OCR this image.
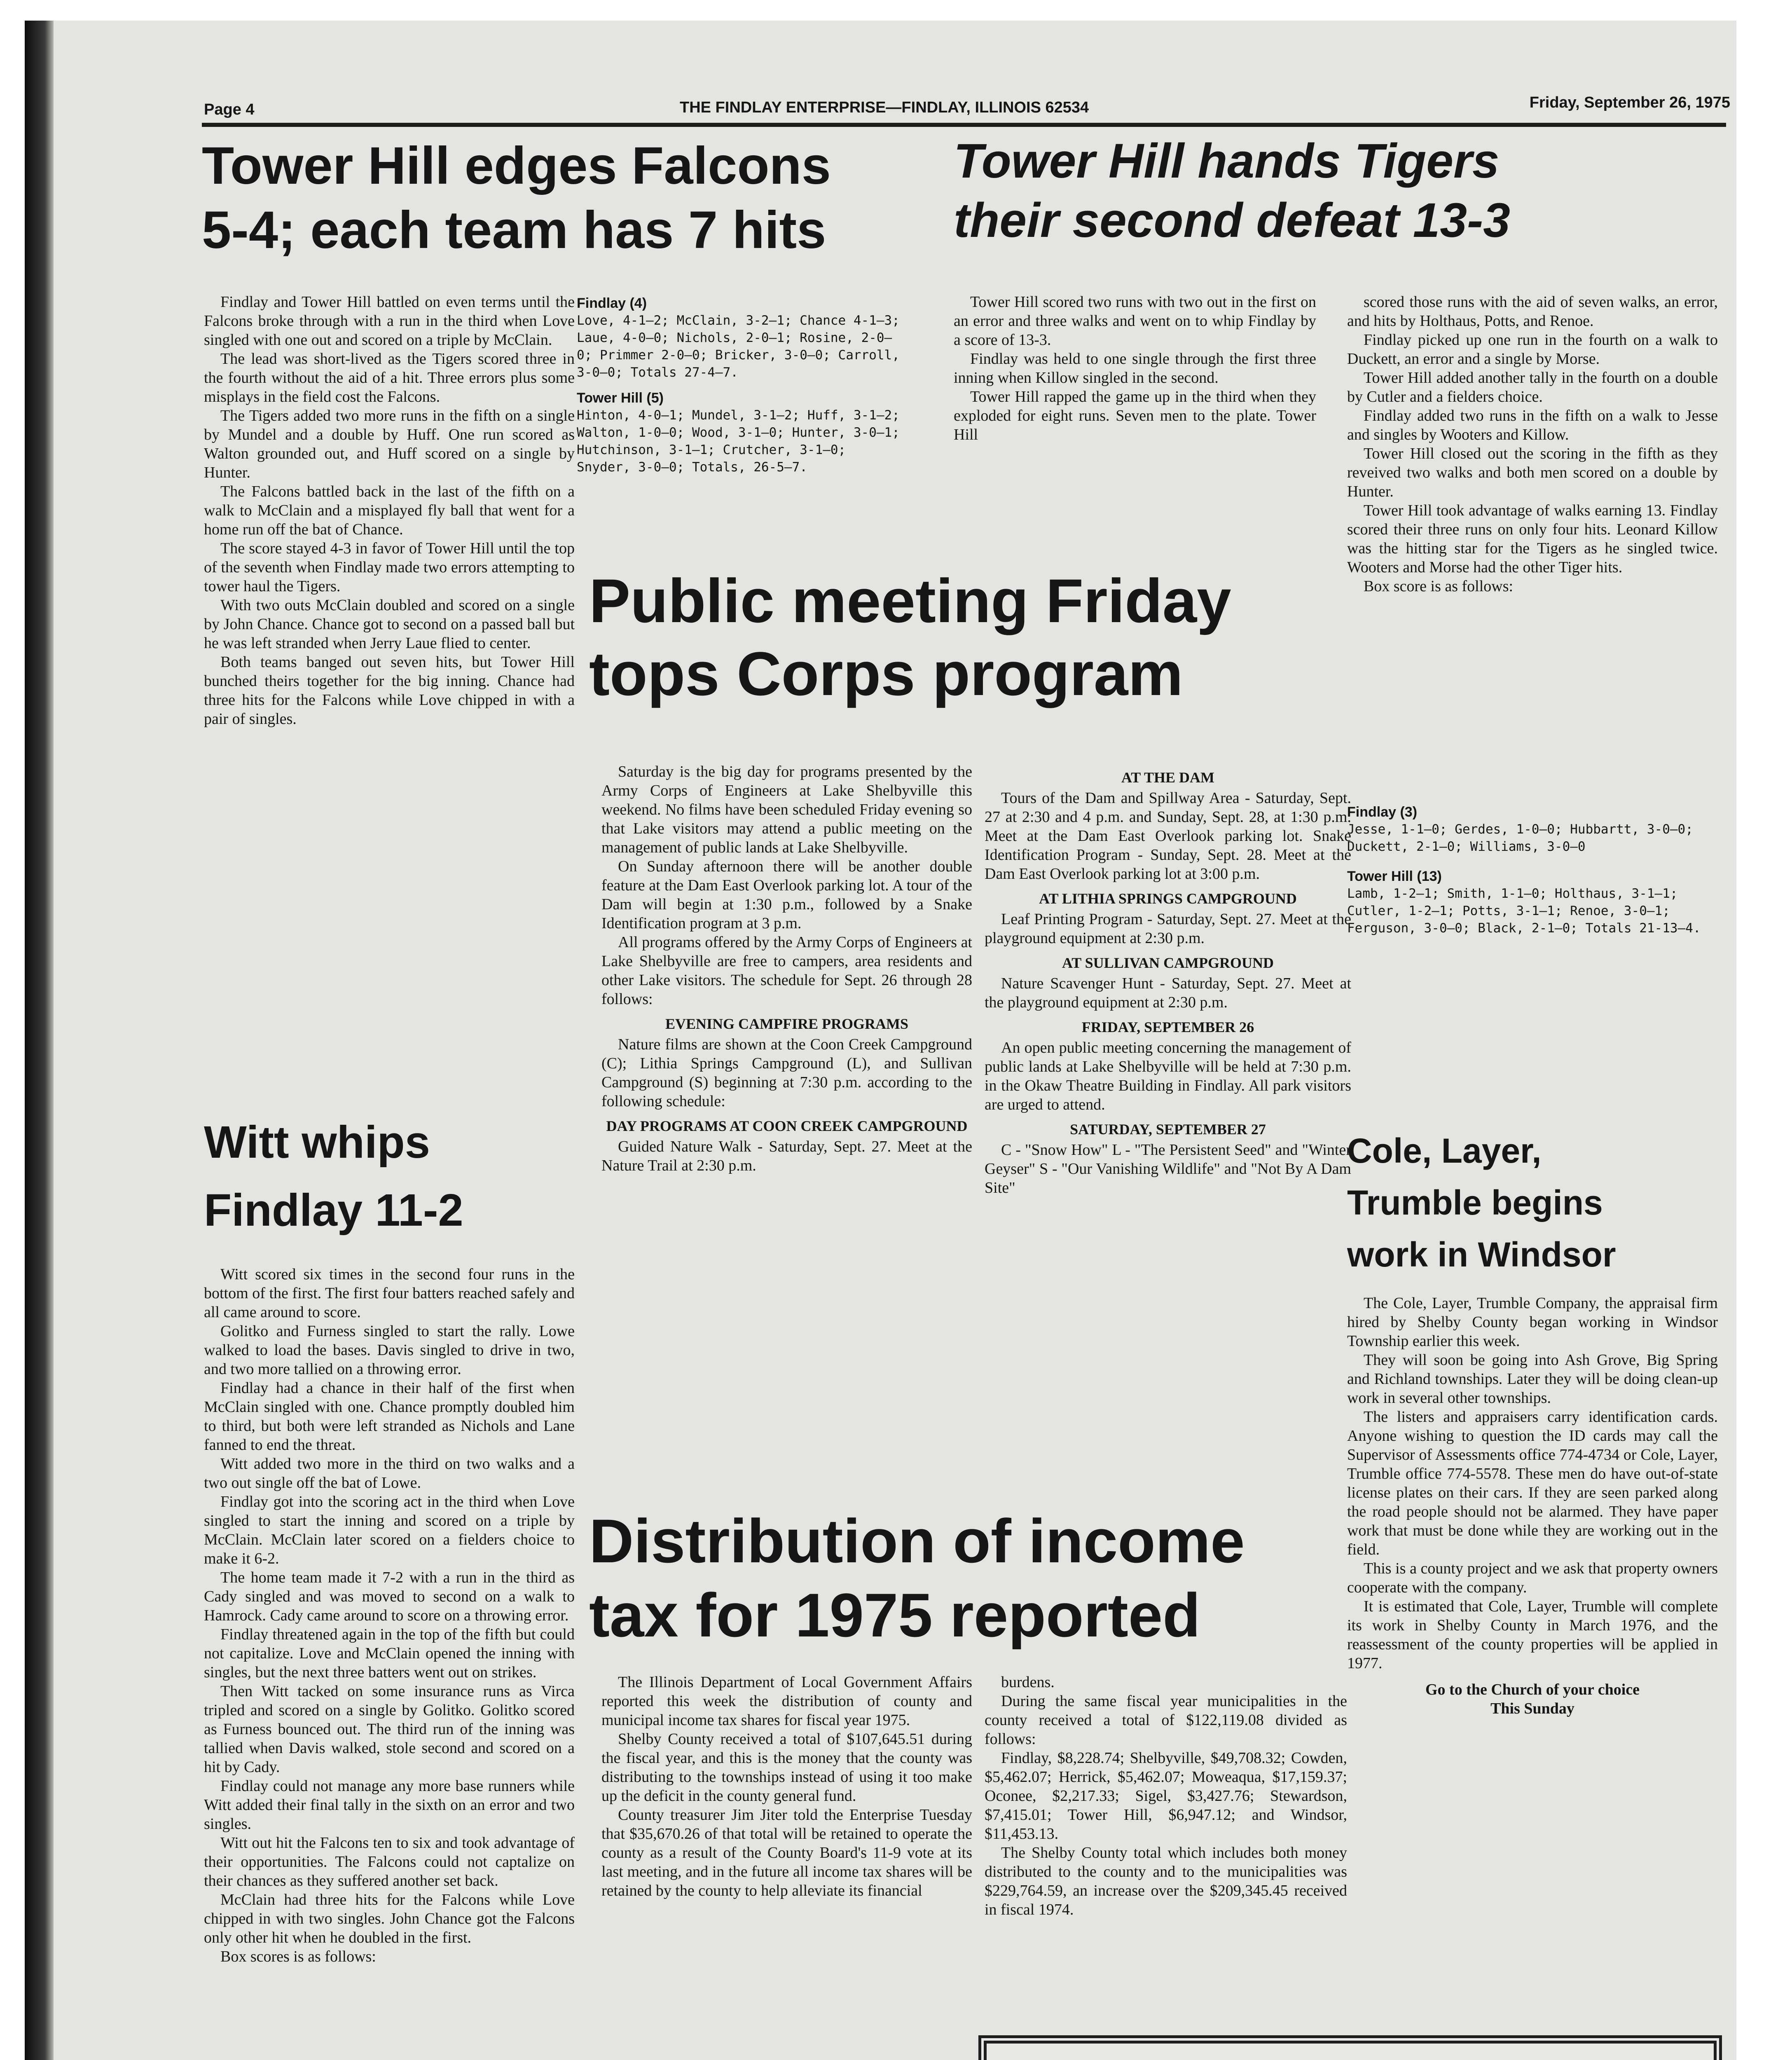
Page 4	THE FINDLAY ENTERPRISE—FINDLAY, ILLINOIS 62534	Friday, September 26, 1975
Tower Hill edges Falcons
5-4; each team has 7 hits

Findlay and Tower Hill battled on even terms until the Falcons broke through with a run in the third when Love singled with one out and scored on a triple by McClain.

The lead was short-lived as the Tigers scored three in the fourth without the aid of a hit. Three errors plus some misplays in the field cost the Falcons.

The Tigers added two more runs in the fifth on a single by Mundel and a double by Huff. One run scored as Walton grounded out, and Huff scored on a single by Hunter.

The Falcons battled back in the last of the fifth on a walk to McClain and a misplayed fly ball that went for a home run off the bat of Chance.

The score stayed 4-3 in favor of Tower Hill until the top of the seventh when Findlay made two errors attempting to tower haul the Tigers.

With two outs McClain doubled and scored on a single by John Chance. Chance got to second on a passed ball but he was left stranded when Jerry Laue flied to center.

Both teams banged out seven hits, but Tower Hill bunched theirs together for the big inning. Chance had three hits for the Falcons while Love chipped in with a pair of singles.

Findlay (4)
Love, 4-1—2; McClain, 3-2—1; Chance 4-1—3; Laue, 4-0—0; Nichols, 2-0—1; Rosine, 2-0—0; Primmer 2-0—0; Bricker, 3-0—0; Carroll, 3-0—0; Totals 27-4—7.
Tower Hill (5)
Hinton, 4-0—1; Mundel, 3-1—2; Huff, 3-1—2; Walton, 1-0—0; Wood, 3-1—0; Hunter, 3-0—1; Hutchinson, 3-1—1; Crutcher, 3-1—0; Snyder, 3-0—0; Totals, 26-5—7.
Tower Hill hands Tigers
their second defeat 13-3

Tower Hill scored two runs with two out in the first on an error and three walks and went on to whip Findlay by a score of 13-3.

Findlay was held to one single through the first three inning when Killow singled in the second.

Tower Hill rapped the game up in the third when they exploded for eight runs. Seven men to the plate. Tower Hill

scored those runs with the aid of seven walks, an error, and hits by Holthaus, Potts, and Renoe.

Findlay picked up one run in the fourth on a walk to Duckett, an error and a single by Morse.

Tower Hill added another tally in the fourth on a double by Cutler and a fielders choice.

Findlay added two runs in the fifth on a walk to Jesse and singles by Wooters and Killow.

Tower Hill closed out the scoring in the fifth as they reveived two walks and both men scored on a double by Hunter.

Tower Hill took advantage of walks earning 13. Findlay scored their three runs on only four hits. Leonard Killow was the hitting star for the Tigers as he singled twice. Wooters and Morse had the other Tiger hits.

Box score is as follows:

Findlay (3)
Jesse, 1-1—0; Gerdes, 1-0—0; Hubbartt, 3-0—0; Duckett, 2-1—0; Williams, 3-0—0
Tower Hill (13)
Lamb, 1-2—1; Smith, 1-1—0; Holthaus, 3-1—1; Cutler, 1-2—1; Potts, 3-1—1; Renoe, 3-0—1; Ferguson, 3-0—0; Black, 2-1—0; Totals 21-13—4.
Public meeting Friday
tops Corps program

Saturday is the big day for programs presented by the Army Corps of Engineers at Lake Shelbyville this weekend. No films have been scheduled Friday evening so that Lake visitors may attend a public meeting on the management of public lands at Lake Shelbyville.

On Sunday afternoon there will be another double feature at the Dam East Overlook parking lot. A tour of the Dam will begin at 1:30 p.m., followed by a Snake Identification program at 3 p.m.

All programs offered by the Army Corps of Engineers at Lake Shelbyville are free to campers, area residents and other Lake visitors. The schedule for Sept. 26 through 28 follows:

EVENING CAMPFIRE PROGRAMS

Nature films are shown at the Coon Creek Campground (C); Lithia Springs Campground (L), and Sullivan Campground (S) beginning at 7:30 p.m. according to the following schedule:

DAY PROGRAMS AT COON CREEK CAMPGROUND

Guided Nature Walk - Saturday, Sept. 27. Meet at the Nature Trail at 2:30 p.m.

AT THE DAM

Tours of the Dam and Spillway Area - Saturday, Sept. 27 at 2:30 and 4 p.m. and Sunday, Sept. 28, at 1:30 p.m. Meet at the Dam East Overlook parking lot. Snake Identification Program - Sunday, Sept. 28. Meet at the Dam East Overlook parking lot at 3:00 p.m.

AT LITHIA SPRINGS CAMPGROUND

Leaf Printing Program - Saturday, Sept. 27. Meet at the playground equipment at 2:30 p.m.

AT SULLIVAN CAMPGROUND

Nature Scavenger Hunt - Saturday, Sept. 27. Meet at the playground equipment at 2:30 p.m.

FRIDAY, SEPTEMBER 26

An open public meeting concerning the management of public lands at Lake Shelbyville will be held at 7:30 p.m. in the Okaw Theatre Building in Findlay. All park visitors are urged to attend.

SATURDAY, SEPTEMBER 27

C - "Snow How" L - "The Persistent Seed" and "Winter Geyser" S - "Our Vanishing Wildlife" and "Not By A Dam Site"

Witt whips
Findlay 11-2

Witt scored six times in the second four runs in the bottom of the first. The first four batters reached safely and all came around to score.

Golitko and Furness singled to start the rally. Lowe walked to load the bases. Davis singled to drive in two, and two more tallied on a throwing error.

Findlay had a chance in their half of the first when McClain singled with one. Chance promptly doubled him to third, but both were left stranded as Nichols and Lane fanned to end the threat.

Witt added two more in the third on two walks and a two out single off the bat of Lowe.

Findlay got into the scoring act in the third when Love singled to start the inning and scored on a triple by McClain. McClain later scored on a fielders choice to make it 6-2.

The home team made it 7-2 with a run in the third as Cady singled and was moved to second on a walk to Hamrock. Cady came around to score on a throwing error.

Findlay threatened again in the top of the fifth but could not capitalize. Love and McClain opened the inning with singles, but the next three batters went out on strikes.

Then Witt tacked on some insurance runs as Virca tripled and scored on a single by Golitko. Golitko scored as Furness bounced out. The third run of the inning was tallied when Davis walked, stole second and scored on a hit by Cady.

Findlay could not manage any more base runners while Witt added their final tally in the sixth on an error and two singles.

Witt out hit the Falcons ten to six and took advantage of their opportunities. The Falcons could not captalize on their chances as they suffered another set back.

McClain had three hits for the Falcons while Love chipped in with two singles. John Chance got the Falcons only other hit when he doubled in the first.

Box scores is as follows:

Distribution of income
tax for 1975 reported

The Illinois Department of Local Government Affairs reported this week the distribution of county and municipal income tax shares for fiscal year 1975.

Shelby County received a total of $107,645.51 during the fiscal year, and this is the money that the county was distributing to the townships instead of using it too make up the deficit in the county general fund.

County treasurer Jim Jiter told the Enterprise Tuesday that $35,670.26 of that total will be retained to operate the county as a result of the County Board's 11-9 vote at its last meeting, and in the future all income tax shares will be retained by the county to help alleviate its financial

burdens.

During the same fiscal year municipalities in the county received a total of $122,119.08 divided as follows:

Findlay, $8,228.74; Shelbyville, $49,708.32; Cowden, $5,462.07; Herrick, $5,462.07; Moweaqua, $17,159.37; Oconee, $2,217.33; Sigel, $3,427.76; Stewardson, $7,415.01; Tower Hill, $6,947.12; and Windsor, $11,453.13.

The Shelby County total which includes both money distributed to the county and to the municipalities was $229,764.59, an increase over the $209,345.45 received in fiscal 1974.

Cole, Layer,
Trumble begins
work in Windsor

The Cole, Layer, Trumble Company, the appraisal firm hired by Shelby County began working in Windsor Township earlier this week.

They will soon be going into Ash Grove, Big Spring and Richland townships. Later they will be doing clean-up work in several other townships.

The listers and appraisers carry identification cards. Anyone wishing to question the ID cards may call the Supervisor of Assessments office 774-4734 or Cole, Layer, Trumble office 774-5578. These men do have out-of-state license plates on their cars. If they are seen parked along the road people should not be alarmed. They have paper work that must be done while they are working out in the field.

This is a county project and we ask that property owners cooperate with the company.

It is estimated that Cole, Layer, Trumble will complete its work in Shelby County in March 1976, and the reassessment of the county properties will be applied in 1977.

Go to the Church of your choice
This Sunday
